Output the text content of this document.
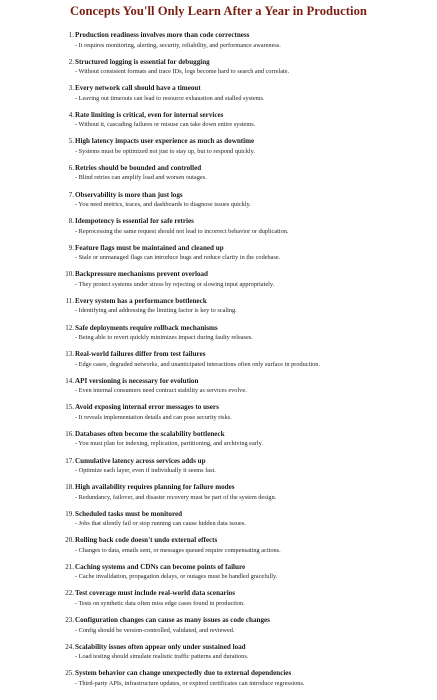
Concepts You'll Only Learn After a Year in Production
1. Production readiness involves more than code correctness
- It requires monitoring, alerting, security, reliability, and performance awareness.
2. Structured logging is essential for debugging
- Without consistent formats and trace IDs, logs become hard to search and correlate.
3. Every network call should have a timeout
- Leaving out timeouts can lead to resource exhaustion and stalled systems.
4. Rate limiting is critical, even for internal services
- Without it, cascading failures or misuse can take down entire systems.
5. High latency impacts user experience as much as downtime
- Systems must be optimized not just to stay up, but to respond quickly.
6. Retries should be bounded and controlled
- Blind retries can amplify load and worsen outages.
7. Observability is more than just logs
- You need metrics, traces, and dashboards to diagnose issues quickly.
8. Idempotency is essential for safe retries
- Reprocessing the same request should not lead to incorrect behavior or duplication.
9. Feature flags must be maintained and cleaned up
- Stale or unmanaged flags can introduce bugs and reduce clarity in the codebase.
10. Backpressure mechanisms prevent overload
- They protect systems under stress by rejecting or slowing input appropriately.
11. Every system has a performance bottleneck
- Identifying and addressing the limiting factor is key to scaling.
12. Safe deployments require rollback mechanisms
- Being able to revert quickly minimizes impact during faulty releases.
13. Real-world failures differ from test failures
- Edge cases, degraded networks, and unanticipated interactions often only surface in production.
14. API versioning is necessary for evolution
- Even internal consumers need contract stability as services evolve.
15. Avoid exposing internal error messages to users
- It reveals implementation details and can pose security risks.
16. Databases often become the scalability bottleneck
- You must plan for indexing, replication, partitioning, and archiving early.
17. Cumulative latency across services adds up
- Optimize each layer, even if individually it seems fast.
18. High availability requires planning for failure modes
- Redundancy, failover, and disaster recovery must be part of the system design.
19. Scheduled tasks must be monitored
- Jobs that silently fail or stop running can cause hidden data issues.
20. Rolling back code doesn't undo external effects
- Changes to data, emails sent, or messages queued require compensating actions.
21. Caching systems and CDNs can become points of failure
- Cache invalidation, propagation delays, or outages must be handled gracefully.
22. Test coverage must include real-world data scenarios
- Tests on synthetic data often miss edge cases found in production.
23. Configuration changes can cause as many issues as code changes
- Config should be version-controlled, validated, and reviewed.
24. Scalability issues often appear only under sustained load
- Load testing should simulate realistic traffic patterns and durations.
25. System behavior can change unexpectedly due to external dependencies
- Third-party APIs, infrastructure updates, or expired certificates can introduce regressions.
